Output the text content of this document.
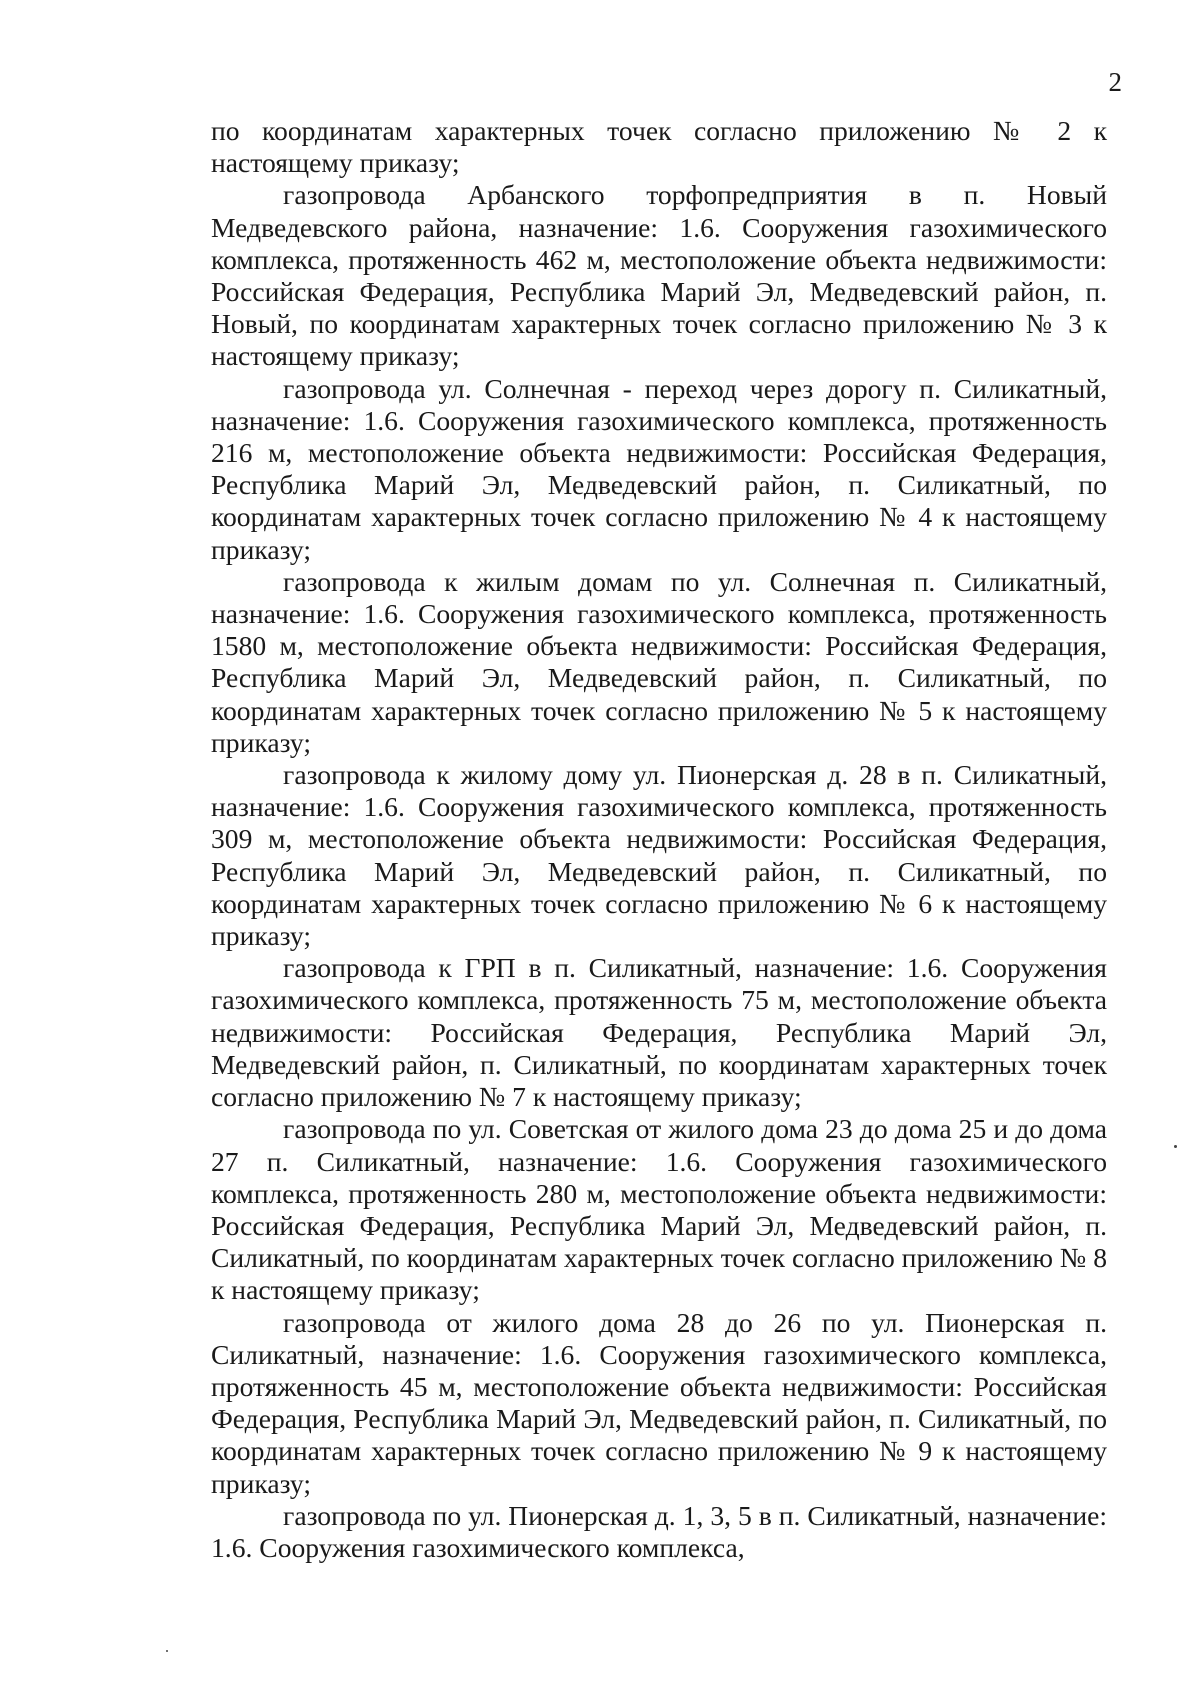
2

по координатам характерных точек согласно приложению № 2 к настоящему приказу;

газопровода Арбанского торфопредприятия в п. Новый Медведевского района, назначение: 1.6. Сооружения газохимического комплекса, протяженность 462 м, местоположение объекта недвижимости: Российская Федерация, Республика Марий Эл, Медведевский район, п. Новый, по координатам характерных точек согласно приложению № 3 к настоящему приказу;

газопровода ул. Солнечная - переход через дорогу п. Силикатный, назначение: 1.6. Сооружения газохимического комплекса, протяженность 216 м, местоположение объекта недвижимости: Российская Федерация, Республика Марий Эл, Медведевский район, п. Силикатный, по координатам характерных точек согласно приложению № 4 к настоящему приказу;

газопровода к жилым домам по ул. Солнечная п. Силикатный, назначение: 1.6. Сооружения газохимического комплекса, протяженность 1580 м, местоположение объекта недвижимости: Российская Федерация, Республика Марий Эл, Медведевский район, п. Силикатный, по координатам характерных точек согласно приложению № 5 к настоящему приказу;

газопровода к жилому дому ул. Пионерская д. 28 в п. Силикатный, назначение: 1.6. Сооружения газохимического комплекса, протяженность 309 м, местоположение объекта недвижимости: Российская Федерация, Республика Марий Эл, Медведевский район, п. Силикатный, по координатам характерных точек согласно приложению № 6 к настоящему приказу;

газопровода к ГРП в п. Силикатный, назначение: 1.6. Сооружения газохимического комплекса, протяженность 75 м, местоположение объекта недвижимости: Российская Федерация, Республика Марий Эл, Медведевский район, п. Силикатный, по координатам характерных точек согласно приложению № 7 к настоящему приказу;

газопровода по ул. Советская от жилого дома 23 до дома 25 и до дома 27 п. Силикатный, назначение: 1.6. Сооружения газохимического комплекса, протяженность 280 м, местоположение объекта недвижимости: Российская Федерация, Республика Марий Эл, Медведевский район, п. Силикатный, по координатам характерных точек согласно приложению № 8 к настоящему приказу;

газопровода от жилого дома 28 до 26 по ул. Пионерская п. Силикатный, назначение: 1.6. Сооружения газохимического комплекса, протяженность 45 м, местоположение объекта недвижимости: Российская Федерация, Республика Марий Эл, Медведевский район, п. Силикатный, по координатам характерных точек согласно приложению № 9 к настоящему приказу;

газопровода по ул. Пионерская д. 1, 3, 5 в п. Силикатный, назначение: 1.6. Сооружения газохимического комплекса,
